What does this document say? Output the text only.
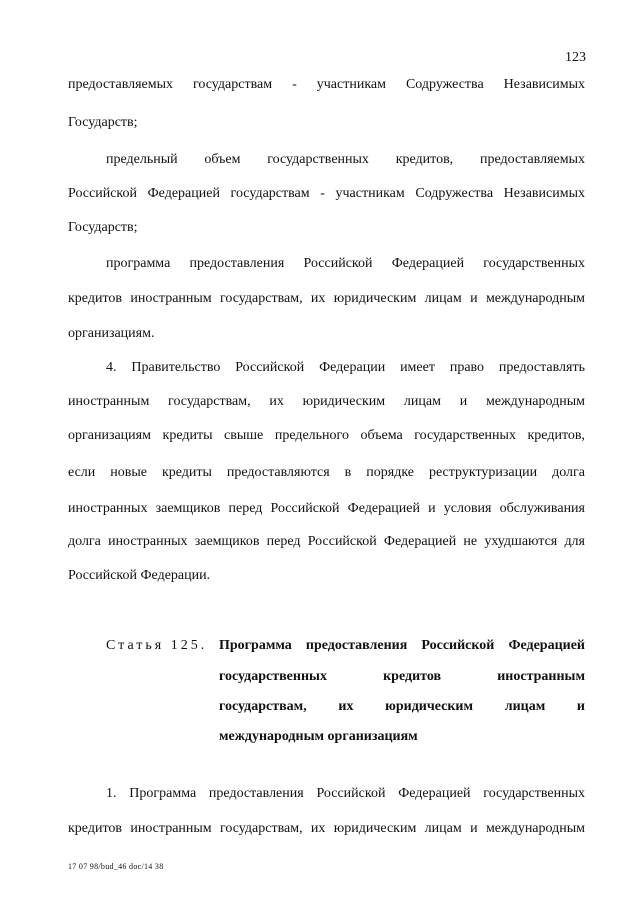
123
предоставляемых государствам - участникам Содружества Независимых
Государств;
предельный объем государственных кредитов, предоставляемых
Российской Федерацией государствам - участникам Содружества Независимых
Государств;
программа предоставления Российской Федерацией государственных
кредитов иностранным государствам, их юридическим лицам и международным
организациям.
4. Правительство Российской Федерации имеет право предоставлять
иностранным государствам, их юридическим лицам и международным
организациям кредиты свыше предельного объема государственных кредитов,
если новые кредиты предоставляются в порядке реструктуризации долга
иностранных заемщиков перед Российской Федерацией и условия обслуживания
долга иностранных заемщиков перед Российской Федерацией не ухудшаются для
Российской Федерации.
Статья 125. Программа предоставления Российской Федерацией
государственных кредитов иностранным
государствам, их юридическим лицам и
международным организациям
1. Программа предоставления Российской Федерацией государственных
кредитов иностранным государствам, их юридическим лицам и международным
17 07 98/bud_46 doc/14 38
